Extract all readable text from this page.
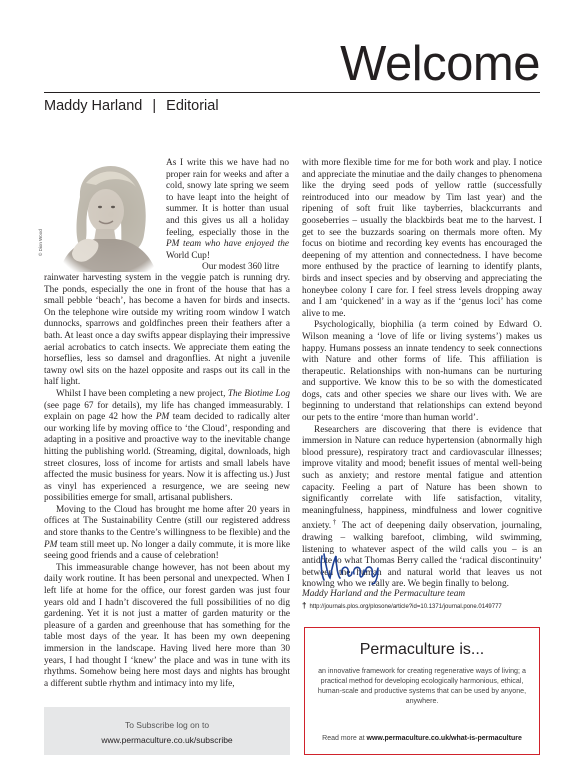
Welcome
Maddy Harland | Editorial
© Dion Wood
As I write this we have had no
proper rain for weeks and after a
cold, snowy late spring we seem
to have leapt into the height of
summer. It is hotter than usual
and this gives us all a holiday
feeling, especially those in the
PM team who have enjoyed the
World Cup!
Our modest 360 litre

rainwater harvesting system in the veggie patch is running dry. The ponds, especially the one in front of the house that has a small pebble ‘beach’, has become a haven for birds and insects. On the telephone wire outside my writing room window I watch dunnocks, sparrows and goldfinches preen their feathers after a bath. At least once a day swifts appear displaying their impressive aerial acrobatics to catch insects. We appreciate them eating the horseflies, less so damsel and dragonflies. At night a juvenile tawny owl sits on the hazel opposite and rasps out its call in the half light.

Whilst I have been completing a new project, The Biotime Log (see page 67 for details), my life has changed immeasurably. I explain on page 42 how the PM team decided to radically alter our working life by moving office to ‘the Cloud’, responding and adapting in a positive and proactive way to the inevitable change hitting the publishing world. (Streaming, digital, downloads, high street closures, loss of income for artists and small labels have affected the music business for years. Now it is affecting us.) Just as vinyl has experienced a resurgence, we are seeing new possibilities emerge for small, artisanal publishers.

Moving to the Cloud has brought me home after 20 years in offices at The Sustainability Centre (still our registered address and store thanks to the Centre’s willingness to be flexible) and the PM team still meet up. No longer a daily commute, it is more like seeing good friends and a cause of celebration!

This immeasurable change however, has not been about my daily work routine. It has been personal and unexpected. When I left life at home for the office, our forest garden was just four years old and I hadn’t discovered the full possibilities of no dig gardening. Yet it is not just a matter of garden maturity or the pleasure of a garden and greenhouse that has something for the table most days of the year. It has been my own deepening immersion in the landscape. Having lived here more than 30 years, I had thought I ‘knew’ the place and was in tune with its rhythms. Somehow being here most days and nights has brought a different subtle rhythm and intimacy into my life,

with more flexible time for me for both work and play. I notice and appreciate the minutiae and the daily changes to phenomena like the drying seed pods of yellow rattle (successfully reintroduced into our meadow by Tim last year) and the ripening of soft fruit like tayberries, blackcurrants and gooseberries – usually the blackbirds beat me to the harvest. I get to see the buzzards soaring on thermals more often. My focus on biotime and recording key events has encouraged the deepening of my attention and connectedness. I have become more enthused by the practice of learning to identify plants, birds and insect species and by observing and appreciating the honeybee colony I care for. I feel stress levels dropping away and I am ‘quickened’ in a way as if the ‘genus loci’ has come alive to me.

Psychologically, biophilia (a term coined by Edward O. Wilson meaning a ‘love of life or living systems’) makes us happy. Humans possess an innate tendency to seek connections with Nature and other forms of life. This affiliation is therapeutic. Relationships with non-humans can be nurturing and supportive. We know this to be so with the domesticated dogs, cats and other species we share our lives with. We are beginning to understand that relationships can extend beyond our pets to the entire ‘more than human world’.

Researchers are discovering that there is evidence that immersion in Nature can reduce hypertension (abnormally high blood pressure), respiratory tract and cardiovascular illnesses; improve vitality and mood; benefit issues of mental well-being such as anxiety; and restore mental fatigue and attention capacity. Feeling a part of Nature has been shown to significantly correlate with life satisfaction, vitality, meaningfulness, happiness, mindfulness and lower cognitive anxiety.† The act of deepening daily observation, journaling, drawing – walking barefoot, climbing, wild swimming, listening to whatever aspect of the wild calls you – is an antidote to what Thomas Berry called the ‘radical discontinuity’ between the human and natural world that leaves us not knowing who we really are. We begin finally to belong.

Maddy Harland and the Permaculture team
† http://journals.plos.org/plosone/article?id=10.1371/journal.pone.0149777
To Subscribe log on to
www.permaculture.co.uk/subscribe
Permaculture is...
an innovative framework for creating regenerative ways of living; a practical method for developing ecologically harmonious, ethical, human-scale and productive systems that can be used by anyone, anywhere.
Read more at www.permaculture.co.uk/what-is-permaculture
